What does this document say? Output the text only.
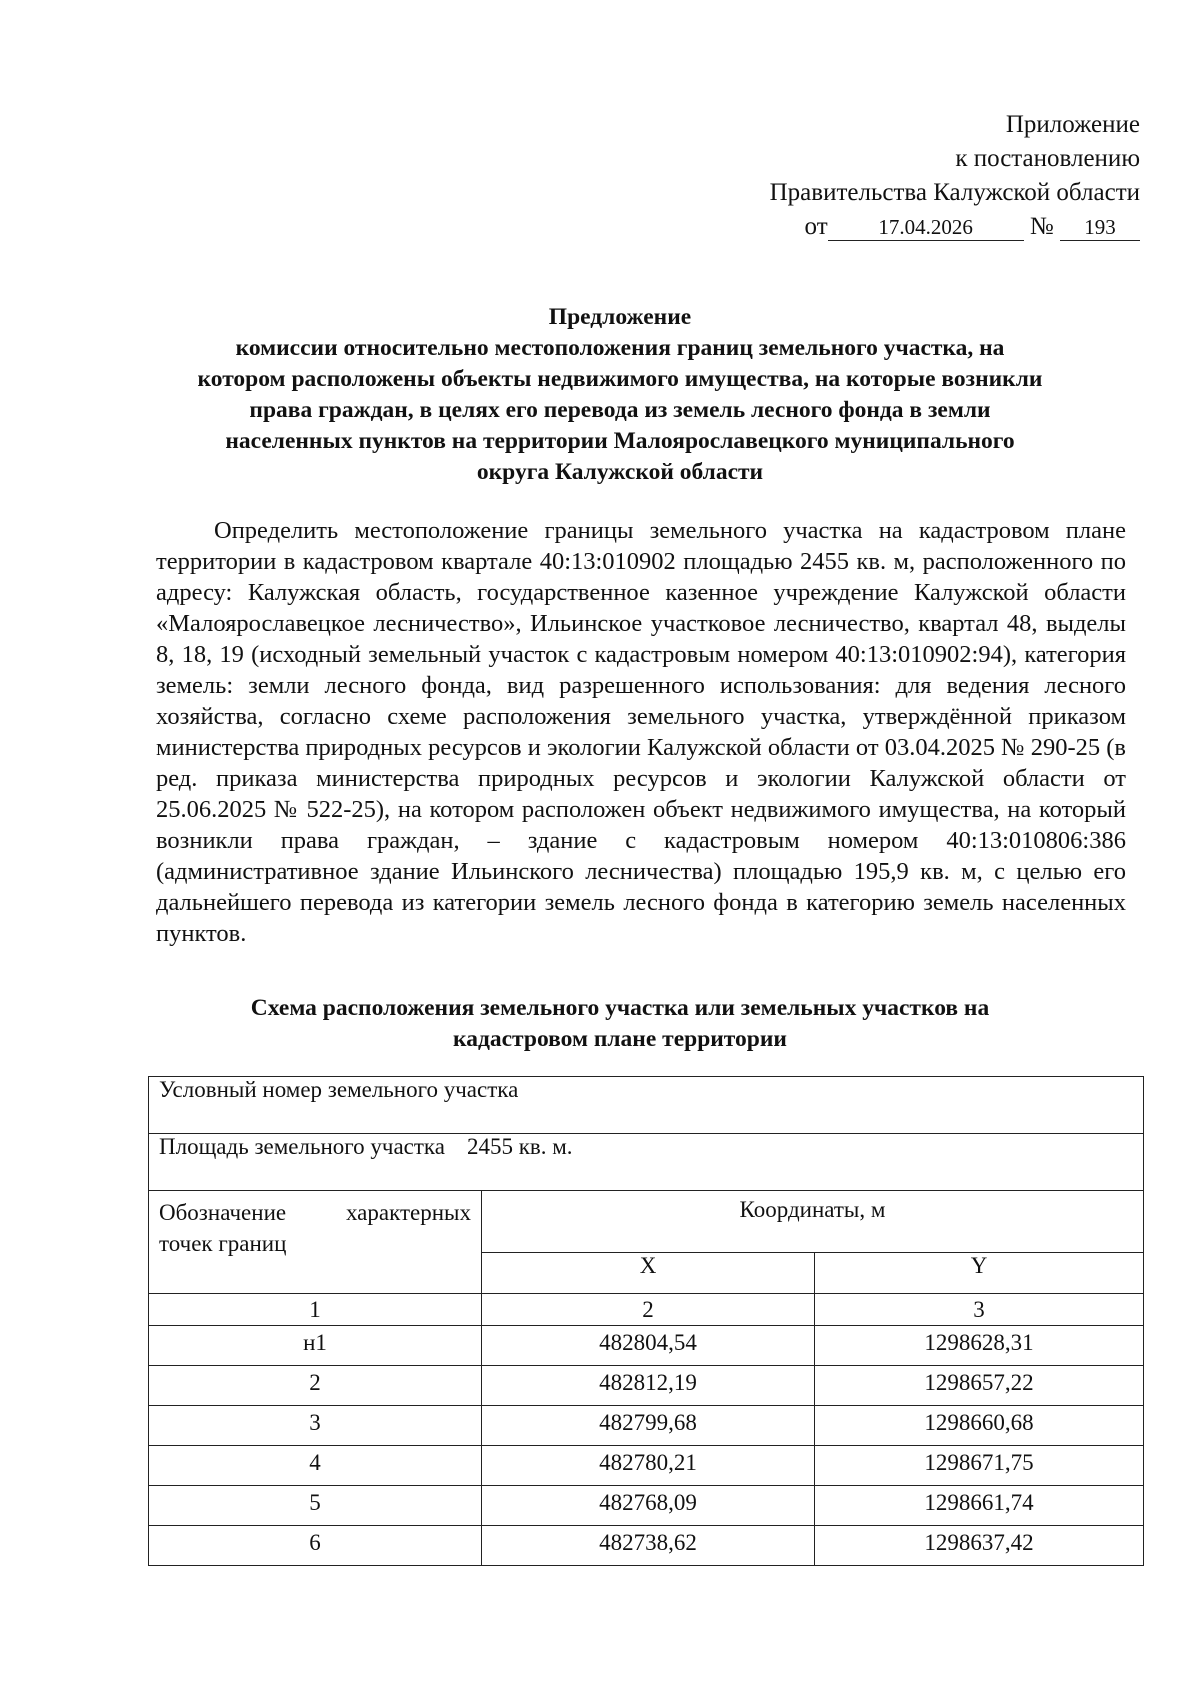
Приложение
к постановлению
Правительства Калужской области
от 17.04.2026 № 193
Предложение
комиссии относительно местоположения границ земельного участка, на
котором расположены объекты недвижимого имущества, на которые возникли
права граждан, в целях его перевода из земель лесного фонда в земли
населенных пунктов на территории Малоярославецкого муниципального
округа Калужской области

Определить местоположение границы земельного участка на кадастровом плане территории в кадастровом квартале 40:13:010902 площадью 2455 кв. м, расположенного по адресу: Калужская область, государственное казенное учреждение Калужской области «Малоярославецкое лесничество», Ильинское участковое лесничество, квартал 48, выделы 8, 18, 19 (исходный земельный участок с кадастровым номером 40:13:010902:94), категория земель: земли лесного фонда, вид разрешенного использования: для ведения лесного хозяйства, согласно схеме расположения земельного участка, утверждённой приказом министерства природных ресурсов и экологии Калужской области от 03.04.2025 № 290-25 (в ред. приказа министерства природных ресурсов и экологии Калужской области от 25.06.2025 № 522-25), на котором расположен объект недвижимого имущества, на который возникли права граждан, – здание с кадастровым номером 40:13:010806:386 (административное здание Ильинского лесничества) площадью 195,9 кв. м, с целью его дальнейшего перевода из категории земель лесного фонда в категорию земель населенных пунктов.

Схема расположения земельного участка или земельных участков на
кадастровом плане территории
Условный номер земельного участка		
Площадь земельного участка 2455 кв. м.		
Обозначение характерных точек границ	Координаты, м	
	X	Y
1	2	3
н1	482804,54	1298628,31
2	482812,19	1298657,22
3	482799,68	1298660,68
4	482780,21	1298671,75
5	482768,09	1298661,74
6	482738,62	1298637,42
